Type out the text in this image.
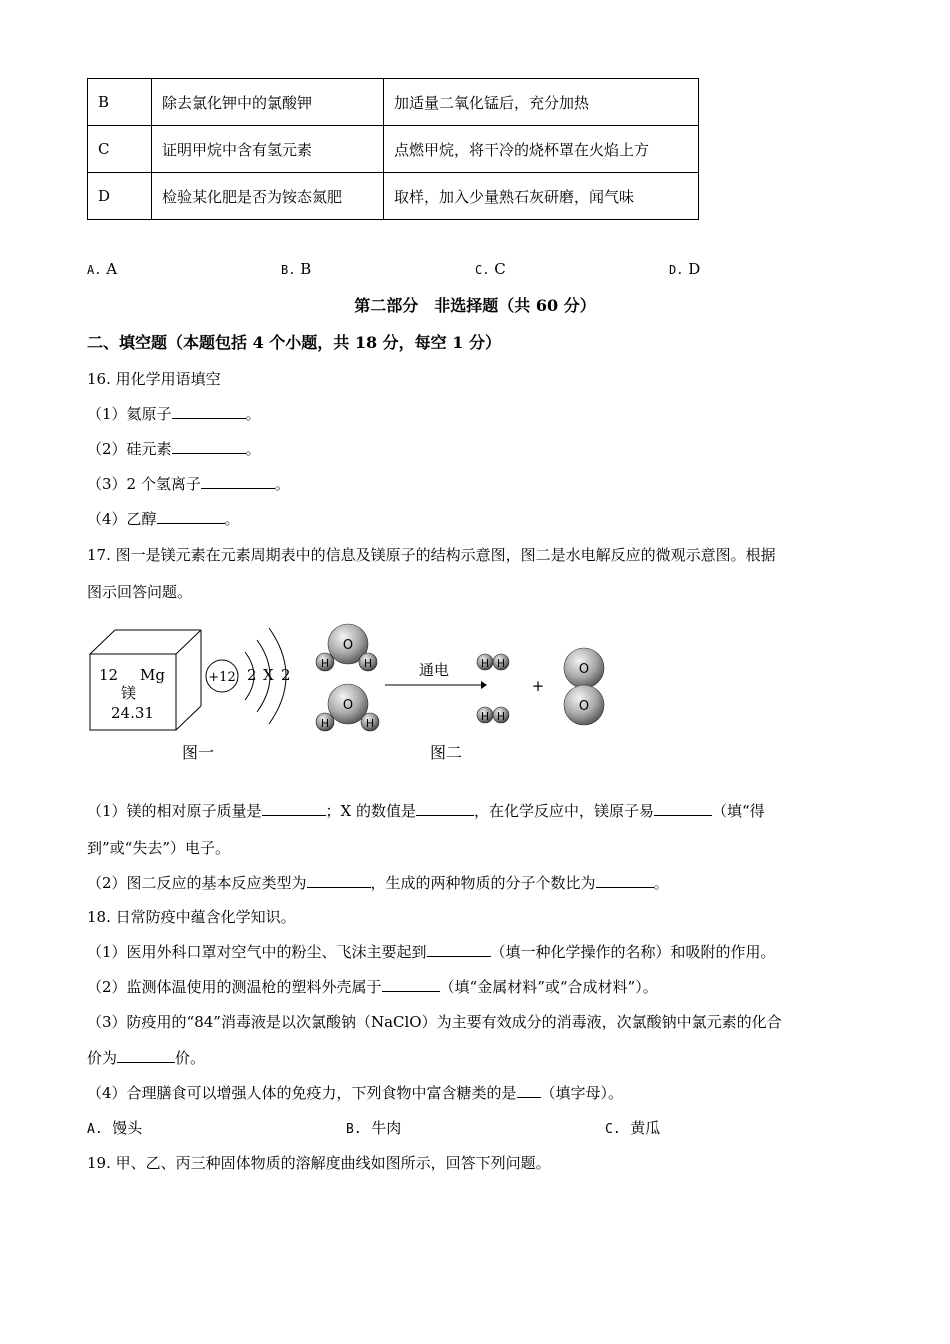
B	除去氯化钾中的氯酸钾	加适量二氧化锰后，充分加热
C	证明甲烷中含有氢元素	点燃甲烷，将干冷的烧杯罩在火焰上方
D	检验某化肥是否为铵态氮肥	取样，加入少量熟石灰研磨，闻气味
A. A	B. B	C. C	D. D
第二部分　非选择题（共 60 分）
二、填空题（本题包括 4 个小题，共 18 分，每空 1 分）
16. 用化学用语填空
（1）氦原子	。
（2）硅元素	。
（3）2 个氢离子	。
（4）乙醇	。
17. 图一是镁元素在元素周期表中的信息及镁原子的结构示意图，图二是水电解反应的微观示意图。根据
图示回答问题。
12 Mg
镁
24.31
+12 2 X 2
图一
O
H	H
O
H	H
通电	H H
H H
+
O
O
图二
（1）镁的相对原子质量是	；X 的数值是	，在化学反应中，镁原子易	（填“得
到”或“失去”）电子。
（2）图二反应的基本反应类型为	，生成的两种物质的分子个数比为	。
18. 日常防疫中蕴含化学知识。
（1）医用外科口罩对空气中的粉尘、飞沫主要起到	（填一种化学操作的名称）和吸附的作用。
（2）监测体温使用的测温枪的塑料外壳属于	（填“金属材料”或“合成材料”）。
（3）防疫用的“84”消毒液是以次氯酸钠（NaClO）为主要有效成分的消毒液，次氯酸钠中氯元素的化合
价为	价。
（4）合理膳食可以增强人体的免疫力，下列食物中富含糖类的是 （填字母）。
A. 馒头	B. 牛肉	C. 黄瓜
19. 甲、乙、丙三种固体物质的溶解度曲线如图所示，回答下列问题。
